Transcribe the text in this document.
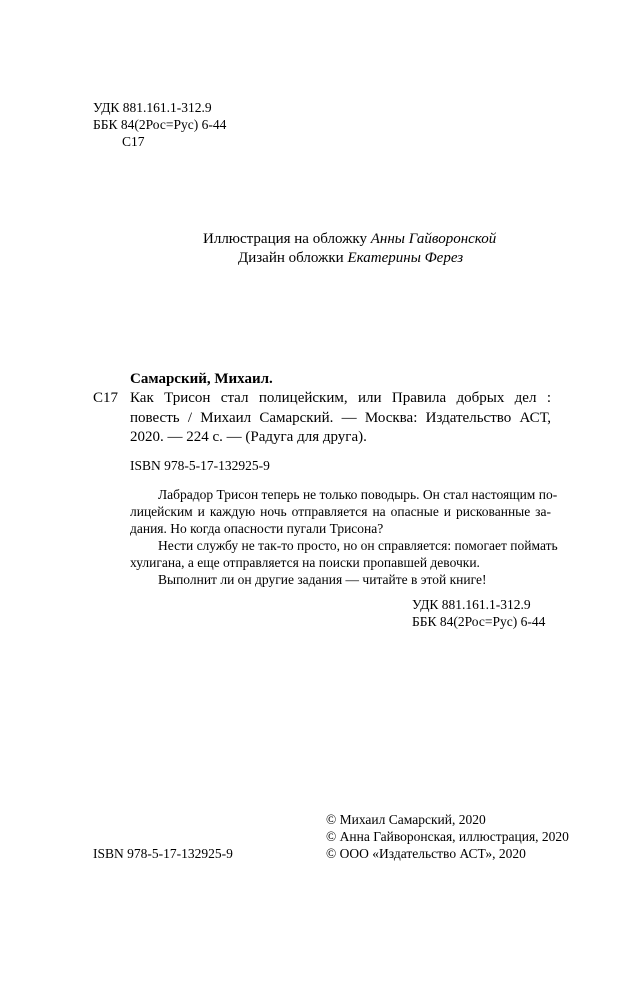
УДК 881.161.1-312.9
ББК 84(2Рос=Рус) 6-44
С17
Иллюстрация на обложку Анны Гайворонской
Дизайн обложки Екатерины Ферез
Самарский, Михаил.
С17 Как Трисон стал полицейским, или Правила добрых дел :
повесть / Михаил Самарский. — Москва: Издательство АСТ,
2020. — 224 с. — (Радуга для друга).
ISBN 978-5-17-132925-9
Лабрадор Трисон теперь не только поводырь. Он стал настоящим по-
лицейским и каждую ночь отправляется на опасные и рискованные за-
дания. Но когда опасности пугали Трисона?
Нести службу не так-то просто, но он справляется: помогает поймать
хулигана, а еще отправляется на поиски пропавшей девочки.
Выполнит ли он другие задания — читайте в этой книге!
УДК 881.161.1-312.9
ББК 84(2Рос=Рус) 6-44
ISBN 978-5-17-132925-9
© Михаил Самарский, 2020
© Анна Гайворонская, иллюстрация, 2020
© ООО «Издательство АСТ», 2020
